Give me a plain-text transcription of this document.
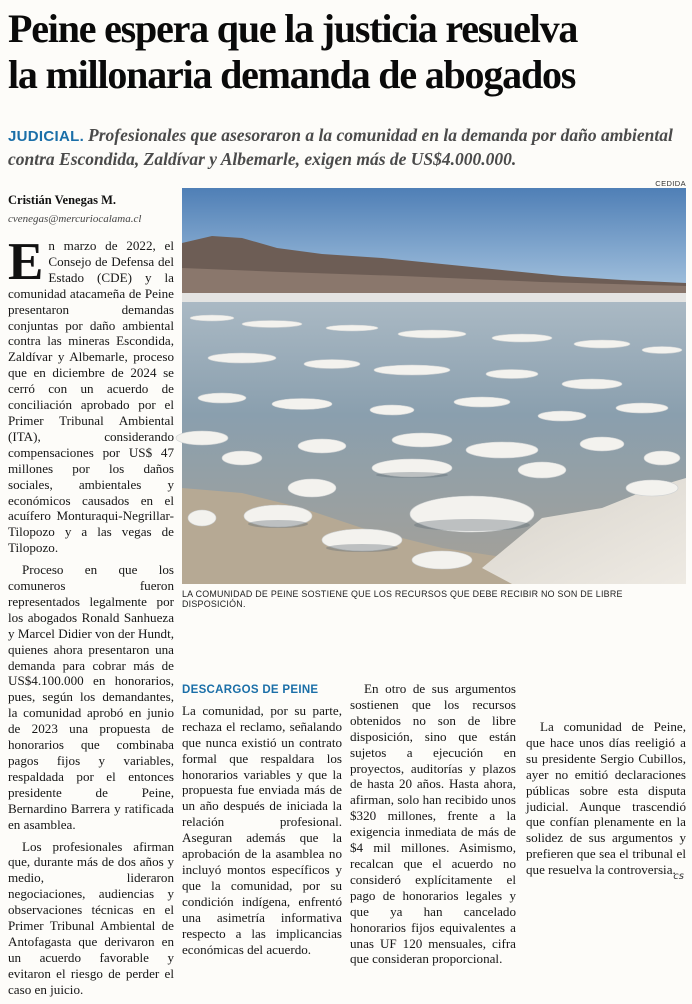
Peine espera que la justicia resuelva
la millonaria demanda de abogados
JUDICIAL. Profesionales que asesoraron a la comunidad en la demanda por daño ambiental contra Escondida, Zaldívar y Albemarle, exigen más de US$4.000.000.
CEDIDA
Cristián Venegas M.
cvenegas@mercuriocalama.cl
LA COMUNIDAD DE PEINE SOSTIENE QUE LOS RECURSOS QUE DEBE RECIBIR NO SON DE LIBRE DISPOSICIÓN.

En marzo de 2022, el Consejo de Defensa del Estado (CDE) y la comunidad atacameña de Peine presentaron demandas conjuntas por daño ambiental contra las mineras Escondida, Zaldívar y Albemarle, proceso que en diciembre de 2024 se cerró con un acuerdo de conciliación aprobado por el Primer Tribunal Ambiental (ITA), considerando compensaciones por US$ 47 millones por los daños sociales, ambientales y económicos causados en el acuífero Monturaqui-Negrillar-Tilopozo y a las vegas de Tilopozo.

Proceso en que los comuneros fueron representados legalmente por los abogados Ronald Sanhueza y Marcel Didier von der Hundt, quienes ahora presentaron una demanda para cobrar más de US$4.100.000 en honorarios, pues, según los demandantes, la comunidad aprobó en junio de 2023 una propuesta de honorarios que combinaba pagos fijos y variables, respaldada por el entonces presidente de Peine, Bernardino Barrera y ratificada en asamblea.

Los profesionales afirman que, durante más de dos años y medio, lideraron negociaciones, audiencias y observaciones técnicas en el Primer Tribunal Ambiental de Antofagasta que derivaron en un acuerdo favorable y evitaron el riesgo de perder el caso en juicio.

DESCARGOS DE PEINE

La comunidad, por su parte, rechaza el reclamo, señalando que nunca existió un contrato formal que respaldara los honorarios variables y que la propuesta fue enviada más de un año después de iniciada la relación profesional. Aseguran además que la aprobación de la asamblea no incluyó montos específicos y que la comunidad, por su condición indígena, enfrentó una asimetría informativa respecto a las implicancias económicas del acuerdo.

En otro de sus argumentos sostienen que los recursos obtenidos no son de libre disposición, sino que están sujetos a ejecución en proyectos, auditorías y plazos de hasta 20 años. Hasta ahora, afirman, solo han recibido unos $320 millones, frente a la exigencia inmediata de más de $4 mil millones. Asimismo, recalcan que el acuerdo no consideró explícitamente el pago de honorarios legales y que ya han cancelado honorarios fijos equivalentes a unas UF 120 mensuales, cifra que consideran proporcional.

La comunidad de Peine, que hace unos días reeligió a su presidente Sergio Cubillos, ayer no emitió declaraciones públicas sobre esta disputa judicial. Aunque trascendió que confían plenamente en la solidez de sus argumentos y prefieren que sea el tribunal el que resuelva la controversia.

cs
